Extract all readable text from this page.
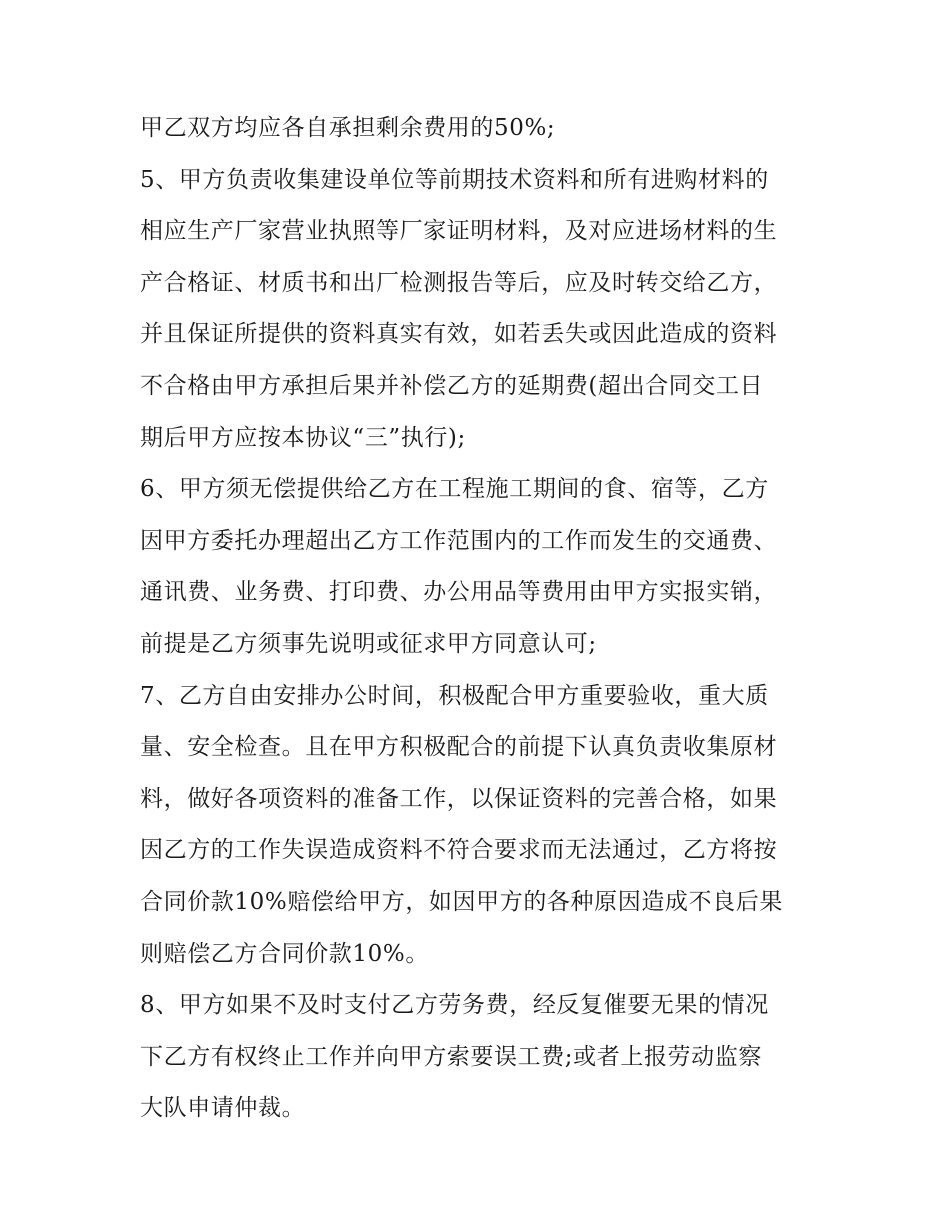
甲乙双方均应各自承担剩余费用的50%;
5、甲方负责收集建设单位等前期技术资料和所有进购材料的
相应生产厂家营业执照等厂家证明材料，及对应进场材料的生
产合格证、材质书和出厂检测报告等后，应及时转交给乙方，
并且保证所提供的资料真实有效，如若丢失或因此造成的资料
不合格由甲方承担后果并补偿乙方的延期费(超出合同交工日
期后甲方应按本协议“三”执行);
6、甲方须无偿提供给乙方在工程施工期间的食、宿等，乙方
因甲方委托办理超出乙方工作范围内的工作而发生的交通费、
通讯费、业务费、打印费、办公用品等费用由甲方实报实销，
前提是乙方须事先说明或征求甲方同意认可;
7、乙方自由安排办公时间，积极配合甲方重要验收，重大质
量、安全检查。且在甲方积极配合的前提下认真负责收集原材
料，做好各项资料的准备工作，以保证资料的完善合格，如果
因乙方的工作失误造成资料不符合要求而无法通过，乙方将按
合同价款10%赔偿给甲方，如因甲方的各种原因造成不良后果
则赔偿乙方合同价款10%。
8、甲方如果不及时支付乙方劳务费，经反复催要无果的情况
下乙方有权终止工作并向甲方索要误工费;或者上报劳动监察
大队申请仲裁。
